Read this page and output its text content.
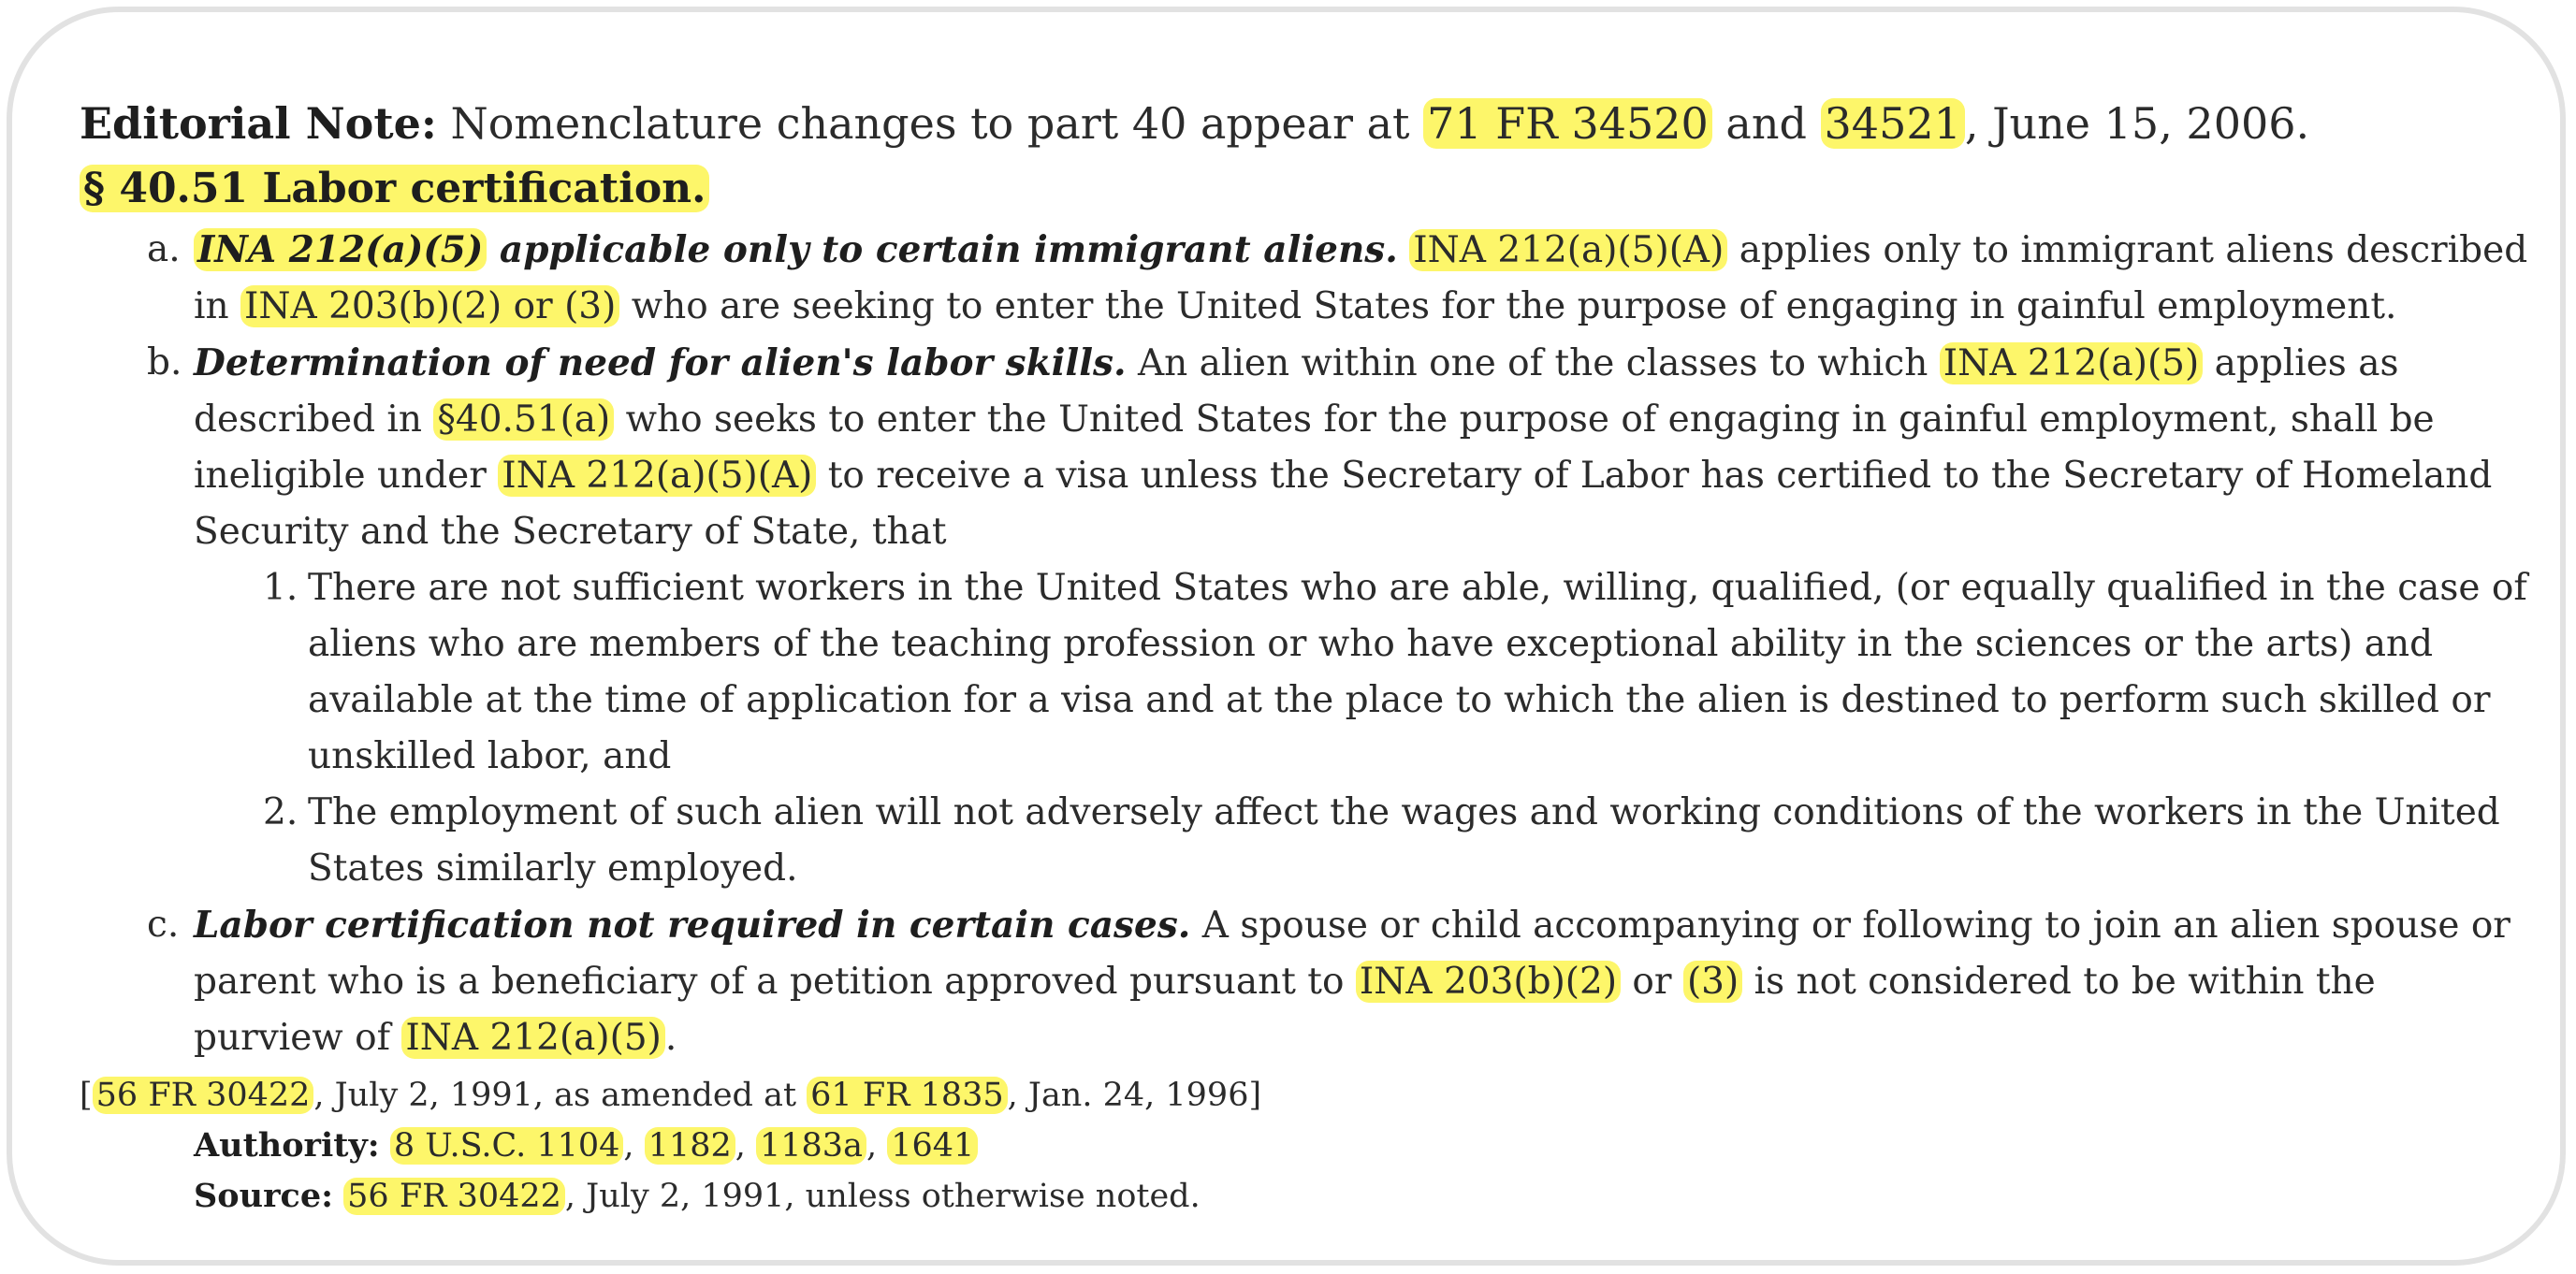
Editorial Note: Nomenclature changes to part 40 appear at 71 FR 34520 and 34521, June 15, 2006.

§ 40.51 Labor certification.

a. INA 212(a)(5) applicable only to certain immigrant aliens. INA 212(a)(5)(A) applies only to immigrant aliens described in INA 203(b)(2) or (3) who are seeking to enter the United States for the purpose of engaging in gainful employment.
b. Determination of need for alien's labor skills. An alien within one of the classes to which INA 212(a)(5) applies as described in §40.51(a) who seeks to enter the United States for the purpose of engaging in gainful employment, shall be ineligible under INA 212(a)(5)(A) to receive a visa unless the Secretary of Labor has certified to the Secretary of Homeland Security and the Secretary of State, that
1. There are not sufficient workers in the United States who are able, willing, qualified, (or equally qualified in the case of aliens who are members of the teaching profession or who have exceptional ability in the sciences or the arts) and available at the time of application for a visa and at the place to which the alien is destined to perform such skilled or unskilled labor, and
2. The employment of such alien will not adversely affect the wages and working conditions of the workers in the United States similarly employed.
c. Labor certification not required in certain cases. A spouse or child accompanying or following to join an alien spouse or parent who is a beneficiary of a petition approved pursuant to INA 203(b)(2) or (3) is not considered to be within the purview of INA 212(a)(5) .

[ 56 FR 30422 , July 2, 1991, as amended at 61 FR 1835 , Jan. 24, 1996]

Authority: 8 U.S.C. 1104 , 1182 , 1183a , 1641

Source: 56 FR 30422 , July 2, 1991, unless otherwise noted.
